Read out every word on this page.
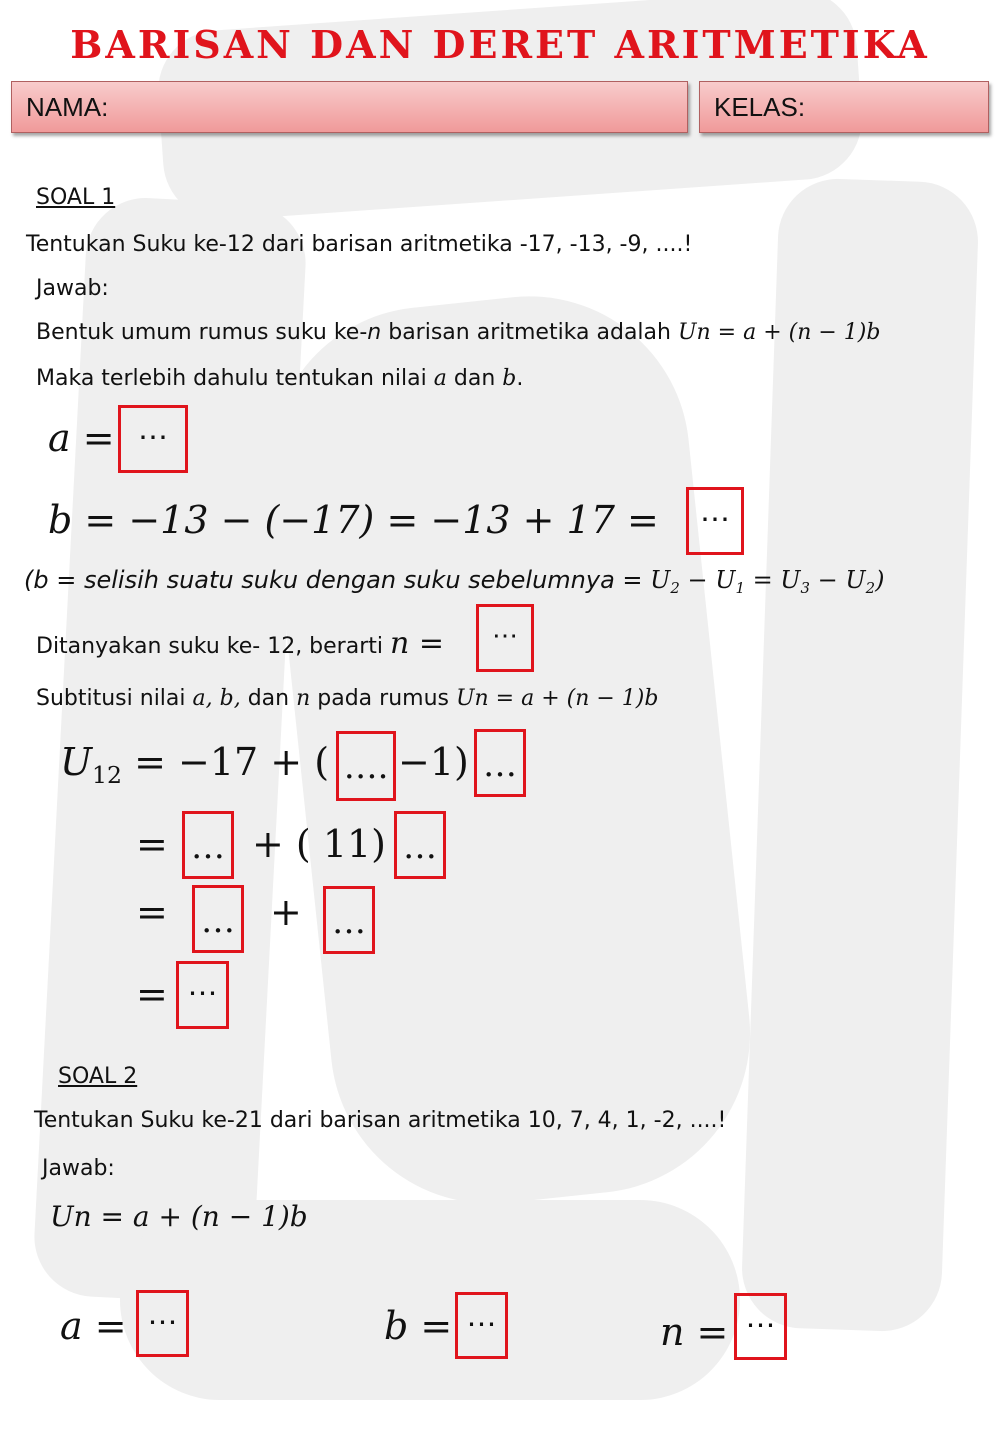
BARISAN DAN DERET ARITMETIKA
NAMA:	KELAS:
SOAL 1
Tentukan Suku ke-12 dari barisan aritmetika -17, -13, -9, ....!
Jawab:
Bentuk umum rumus suku ke-n barisan aritmetika adalah Un = a + (n − 1)b
Maka terlebih dahulu tentukan nilai a dan b.
a = ⋯
b = −13 − (−17) = −13 + 17 =	⋯
(b = selisih suatu suku dengan suku sebelumnya = $U_2 - U_1 = U_3 - U_2$)
Ditanyakan suku ke- 12, berarti n =	⋯
Subtitusi nilai a, b, dan n pada rumus Un = a + (n − 1)b
$U_{12} = -17$ + ( …. −1) …
= … + ( 11) …
= … + …
= ⋯
SOAL 2
Tentukan Suku ke-21 dari barisan aritmetika 10, 7, 4, 1, -2, ....!
Jawab:
Un = a + (n − 1)b
a = ⋯	b = ⋯	n = ⋯
